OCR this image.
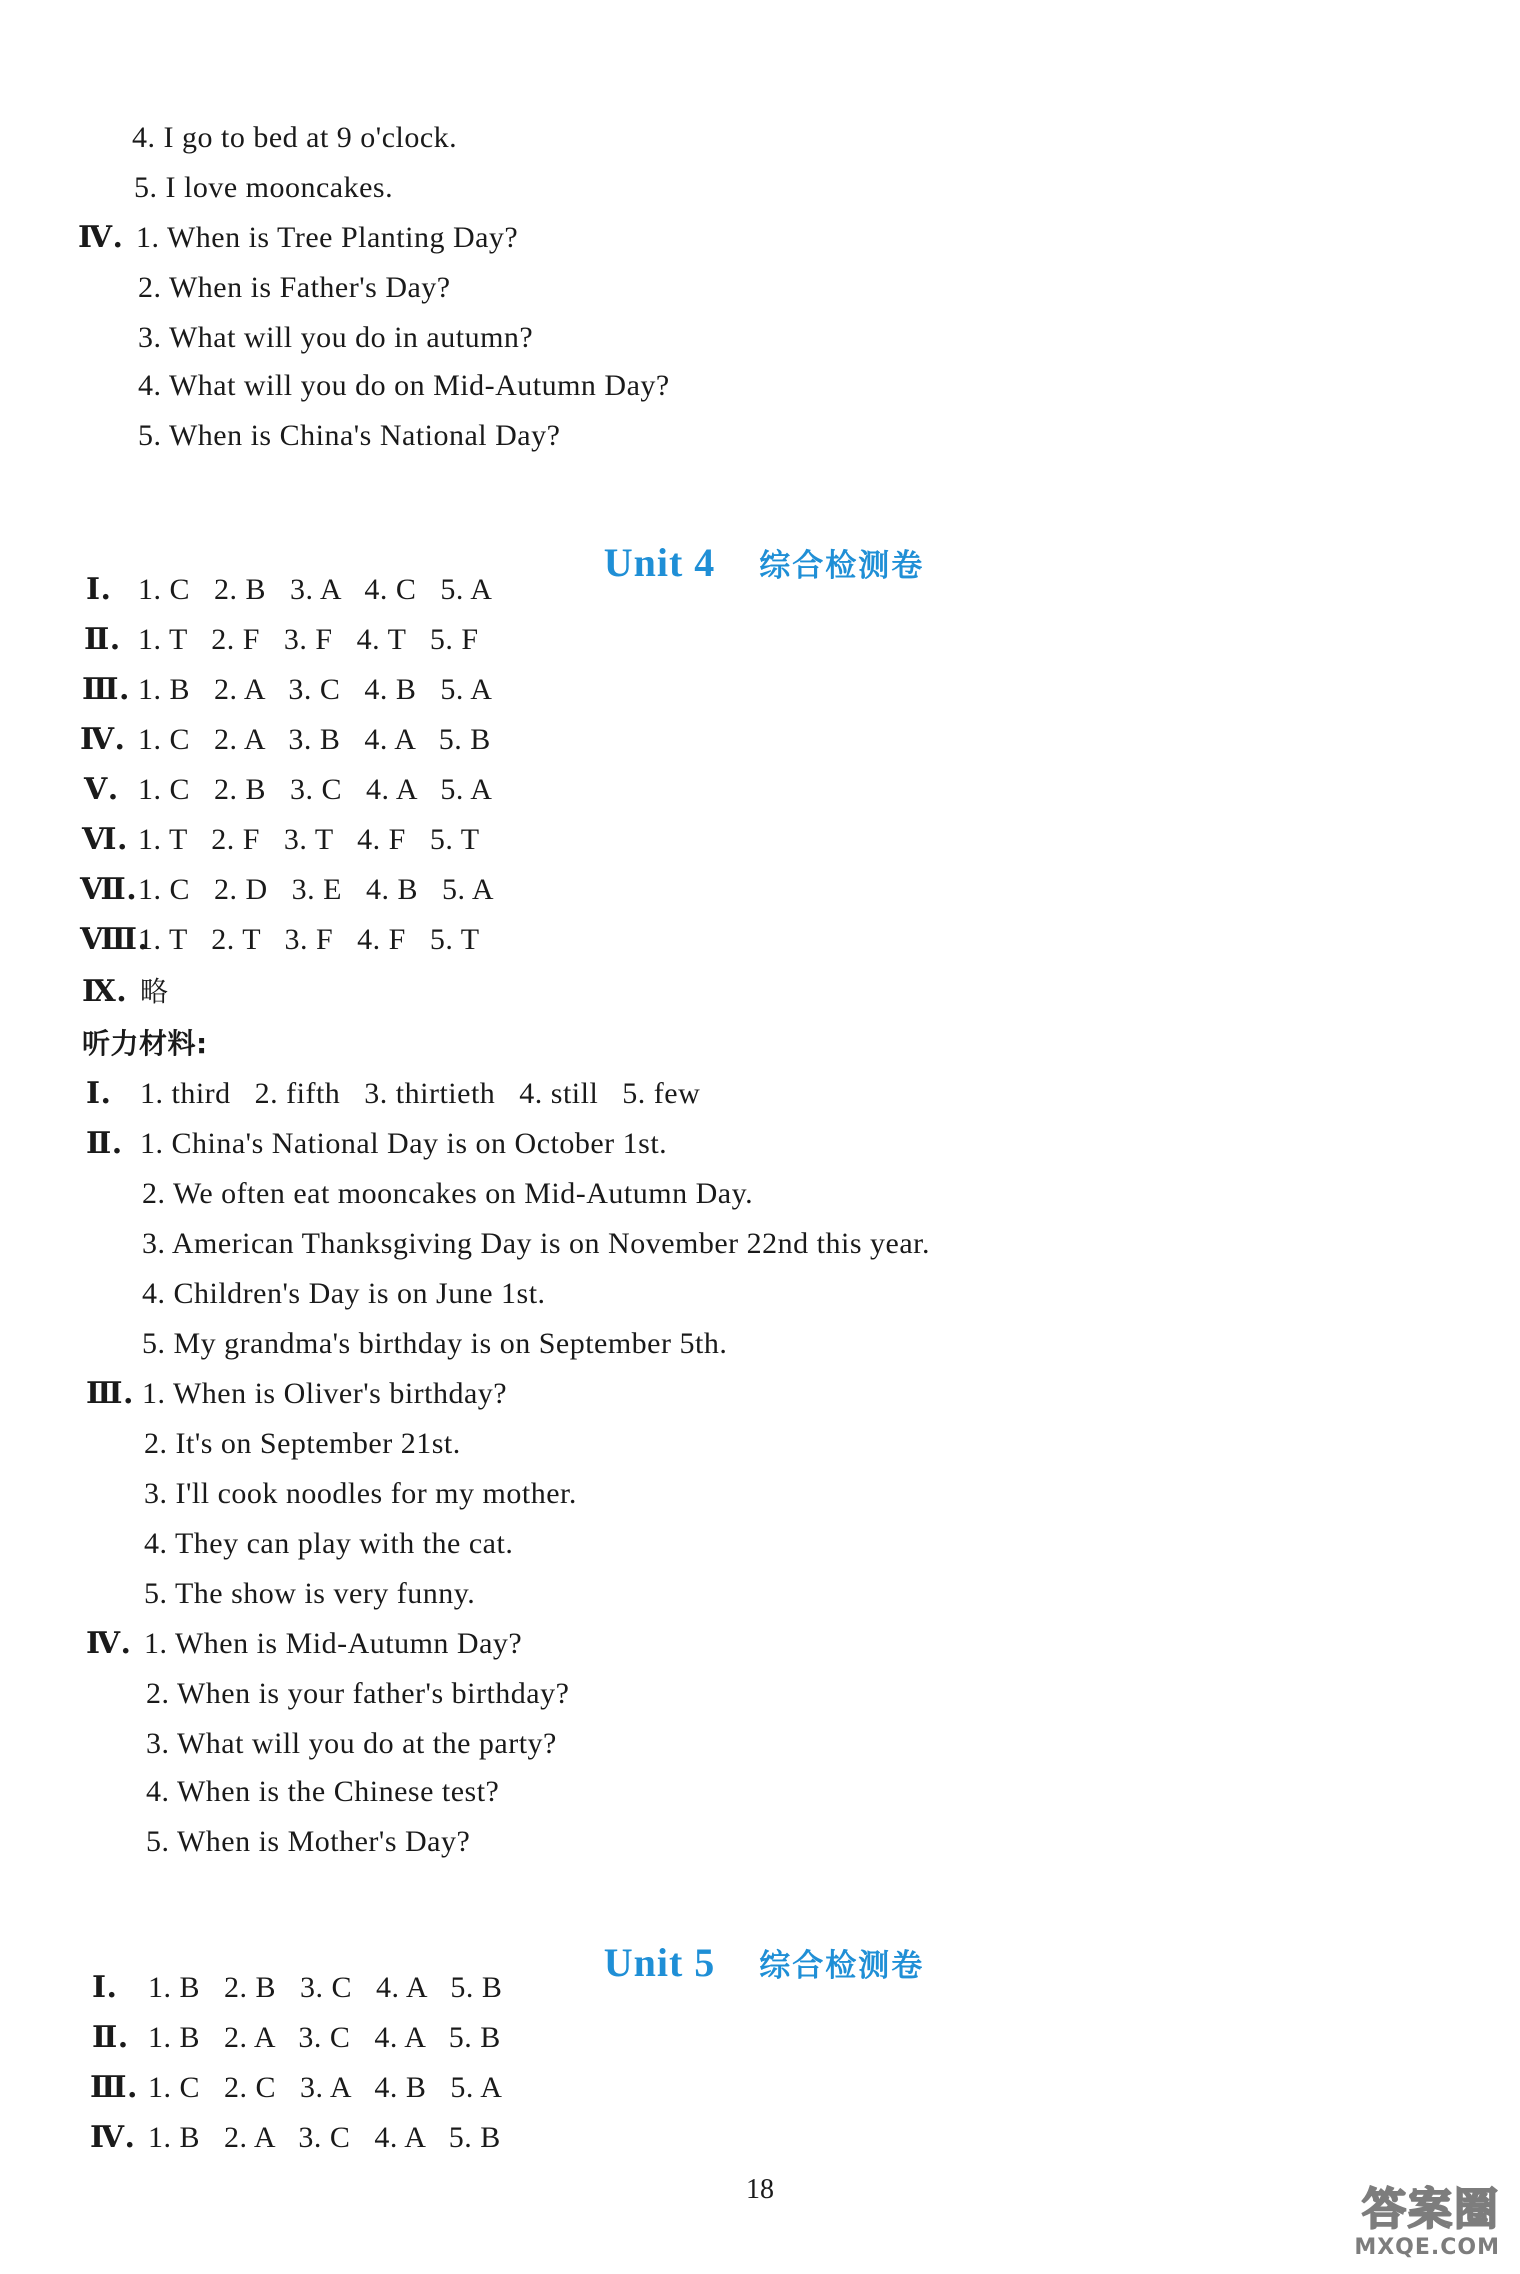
4. I go to bed at 9 o'clock.
5. I love mooncakes.
Ⅳ. 1. When is Tree Planting Day?
2. When is Father's Day?
3. What will you do in autumn?
4. What will you do on Mid-Autumn Day?
5. When is China's National Day?

Unit 4 综合检测卷

Ⅰ. 1. C   2. B   3. A   4. C   5. A
Ⅱ. 1. T   2. F   3. F   4. T   5. F
Ⅲ. 1. B   2. A   3. C   4. B   5. A
Ⅳ. 1. C   2. A   3. B   4. A   5. B
Ⅴ. 1. C   2. B   3. C   4. A   5. A
Ⅵ. 1. T   2. F   3. T   4. F   5. T
Ⅶ. 1. C   2. D   3. E   4. B   5. A
Ⅷ.
1. T   2. T   3. F   4. F   5. T
Ⅸ. 略
听力材料:
Ⅰ. 1. third   2. fifth   3. thirtieth   4. still   5. few
Ⅱ. 1. China's National Day is on October 1st.
2. We often eat mooncakes on Mid-Autumn Day.
3. American Thanksgiving Day is on November 22nd this year.
4. Children's Day is on June 1st.
5. My grandma's birthday is on September 5th.
Ⅲ. 1. When is Oliver's birthday?
2. It's on September 21st.
3. I'll cook noodles for my mother.
4. They can play with the cat.
5. The show is very funny.
Ⅳ. 1. When is Mid-Autumn Day?
2. When is your father's birthday?
3. What will you do at the party?
4. When is the Chinese test?
5. When is Mother's Day?

Unit 5 综合检测卷

Ⅰ. 1. B   2. B   3. C   4. A   5. B
Ⅱ. 1. B   2. A   3. C   4. A   5. B
Ⅲ. 1. C   2. C   3. A   4. B   5. A
Ⅳ. 1. B   2. A   3. C   4. A   5. B
18	答案圈
MXQE.COM
